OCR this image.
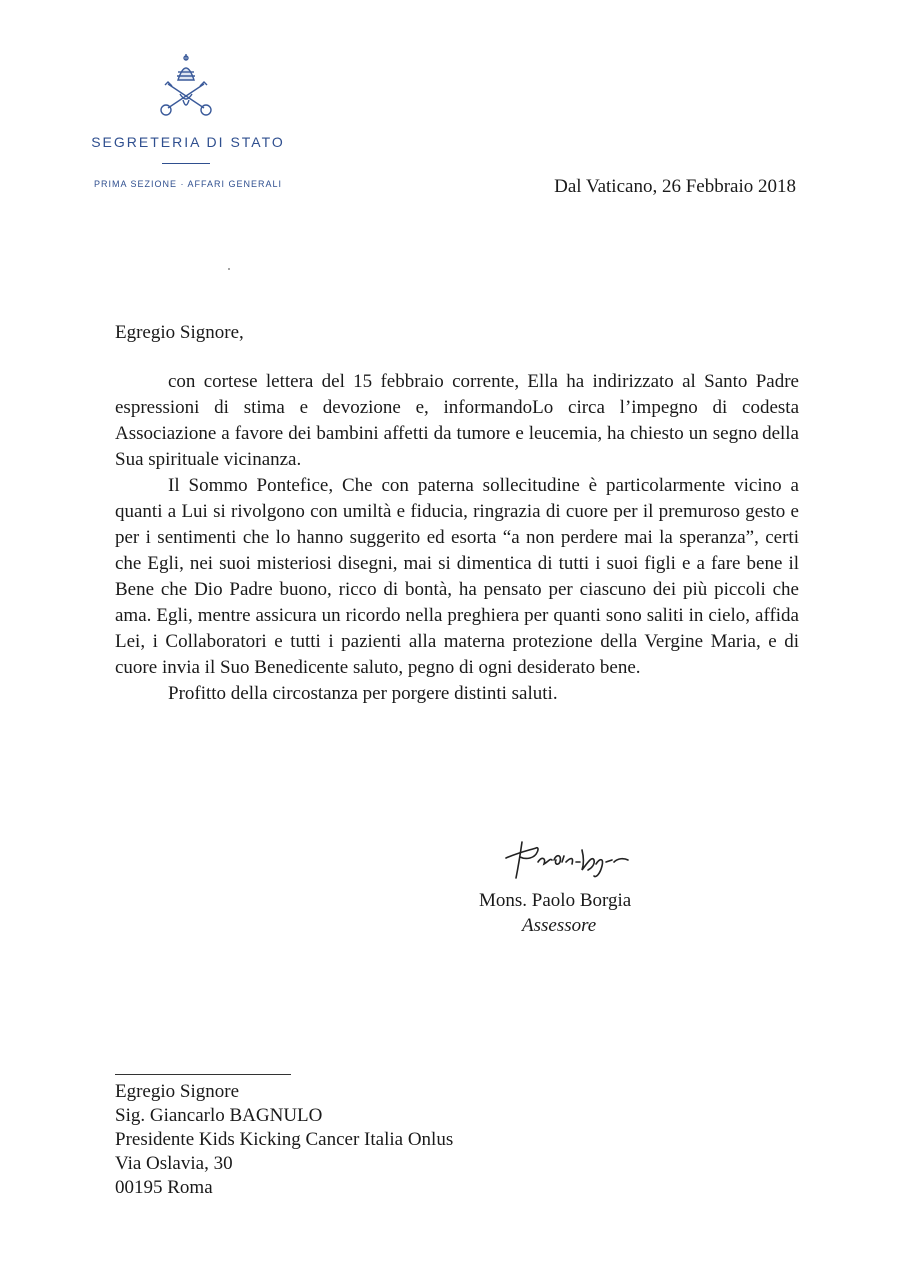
SEGRETERIA DI STATO
PRIMA SEZIONE · AFFARI GENERALI	Dal Vaticano, 26 Febbraio 2018
Egregio Signore,

con cortese lettera del 15 febbraio corrente, Ella ha indirizzato al Santo Padre espressioni di stima e devozione e, informandoLo circa l’impegno di codesta Associazione a favore dei bambini affetti da tumore e leucemia, ha chiesto un segno della Sua spirituale vicinanza.

Il Sommo Pontefice, Che con paterna sollecitudine è particolarmente vicino a quanti a Lui si rivolgono con umiltà e fiducia, ringrazia di cuore per il premuroso gesto e per i sentimenti che lo hanno suggerito ed esorta “a non perdere mai la speranza”, certi che Egli, nei suoi misteriosi disegni, mai si dimentica di tutti i suoi figli e a fare bene il Bene che Dio Padre buono, ricco di bontà, ha pensato per ciascuno dei più piccoli che ama. Egli, mentre assicura un ricordo nella preghiera per quanti sono saliti in cielo, affida Lei, i Collaboratori e tutti i pazienti alla materna protezione della Vergine Maria, e di cuore invia il Suo Benedicente saluto, pegno di ogni desiderato bene.

Profitto della circostanza per porgere distinti saluti.

Mons. Paolo Borgia
Assessore
Egregio Signore
Sig. Giancarlo BAGNULO
Presidente Kids Kicking Cancer Italia Onlus
Via Oslavia, 30
00195 Roma
